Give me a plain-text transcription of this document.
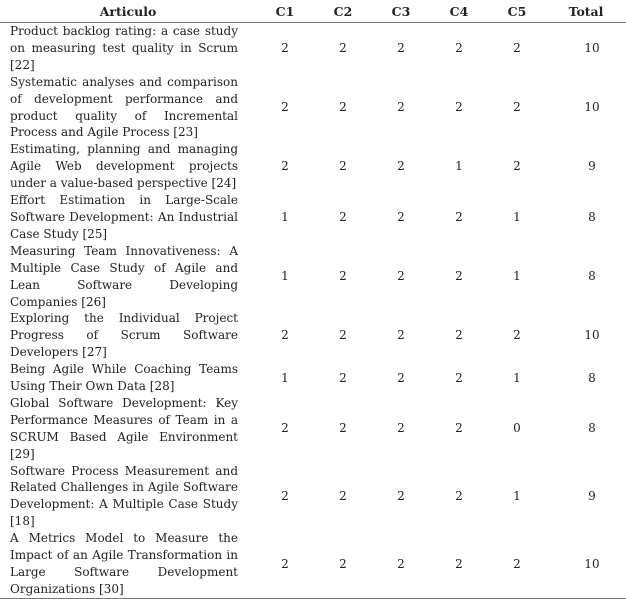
Articulo	C1	C2	C3	C4	C5	Total
Product backlog rating: a case study on measuring test quality in Scrum [22]	2	2	2	2	2	10
Systematic analyses and comparison of development performance and product quality of Incremental Process and Agile Process [23]	2	2	2	2	2	10
Estimating, planning and managing Agile Web development projects under a value-based perspective [24]	2	2	2	1	2	9
Effort Estimation in Large-Scale Software Development: An Industrial Case Study [25]	1	2	2	2	1	8
Measuring Team Innovativeness: A Multiple Case Study of Agile and Lean Software Developing Companies [26]	1	2	2	2	1	8
Exploring the Individual Project Progress of Scrum Software Developers [27]	2	2	2	2	2	10
Being Agile While Coaching Teams Using Their Own Data [28]	1	2	2	2	1	8
Global Software Development: Key Performance Measures of Team in a SCRUM Based Agile Environment [29]	2	2	2	2	0	8
Software Process Measurement and Related Challenges in Agile Software Development: A Multiple Case Study [18]	2	2	2	2	1	9
A Metrics Model to Measure the Impact of an Agile Transformation in Large Software Development Organizations [30]	2	2	2	2	2	10
